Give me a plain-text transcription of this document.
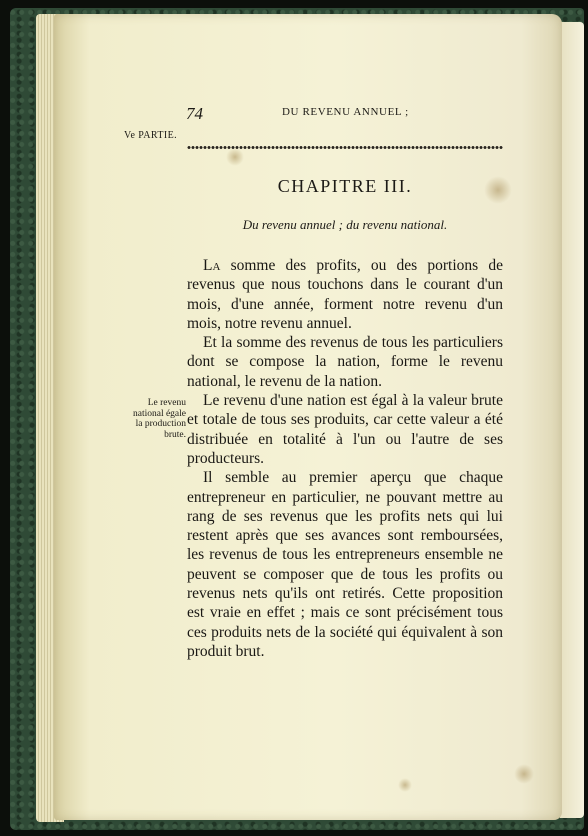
74	DU REVENU ANNUEL ;
Ve PARTIE.
CHAPITRE III.
Du revenu annuel ; du revenu national.
Le revenu
national égale
la production
brute.

La somme des profits, ou des portions de revenus que nous touchons dans le courant d'un mois, d'une année, forment notre revenu d'un mois, notre revenu annuel.

Et la somme des revenus de tous les particuliers dont se compose la nation, forme le revenu national, le revenu de la nation.

Le revenu d'une nation est égal à la valeur brute et totale de tous ses produits, car cette valeur a été distribuée en totalité à l'un ou l'autre de ses producteurs.

Il semble au premier aperçu que chaque entrepreneur en particulier, ne pouvant mettre au rang de ses revenus que les profits nets qui lui restent après que ses avances sont remboursées, les revenus de tous les entrepreneurs ensemble ne peuvent se composer que de tous les profits ou revenus nets qu'ils ont retirés. Cette proposition est vraie en effet ; mais ce sont précisément tous ces produits nets de la société qui équivalent à son produit brut.
